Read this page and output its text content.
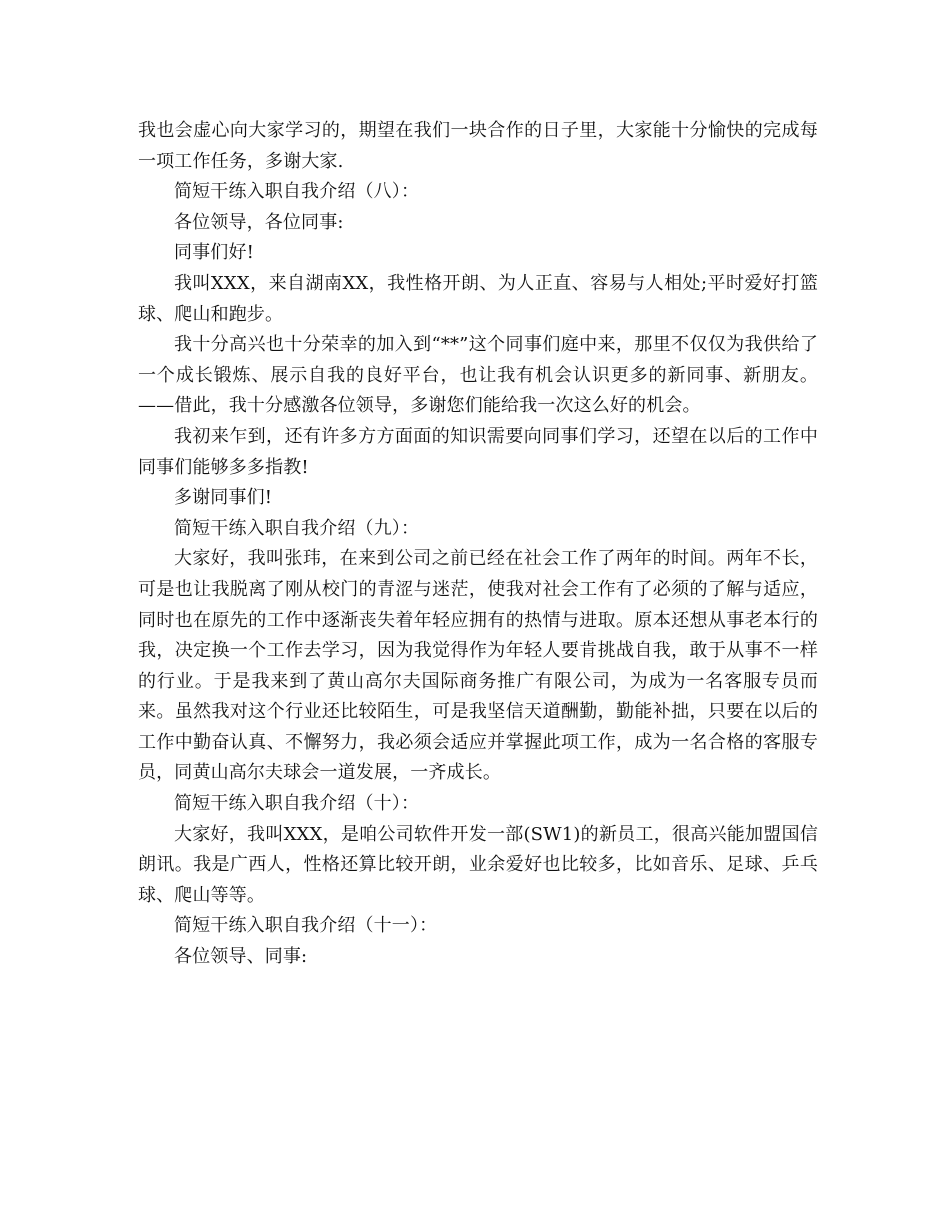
我也会虚心向大家学习的，期望在我们一块合作的日子里，大家能十分愉快的完成每一项工作任务，多谢大家.

简短干练入职自我介绍（八）：

各位领导，各位同事:

同事们好!

我叫XXX，来自湖南XX，我性格开朗、为人正直、容易与人相处;平时爱好打篮球、爬山和跑步。

我十分高兴也十分荣幸的加入到“**”这个同事们庭中来，那里不仅仅为我供给了一个成长锻炼、展示自我的良好平台，也让我有机会认识更多的新同事、新朋友。——借此，我十分感激各位领导，多谢您们能给我一次这么好的机会。

我初来乍到，还有许多方方面面的知识需要向同事们学习，还望在以后的工作中同事们能够多多指教!

多谢同事们!

简短干练入职自我介绍（九）：

大家好，我叫张玮，在来到公司之前已经在社会工作了两年的时间。两年不长，可是也让我脱离了刚从校门的青涩与迷茫，使我对社会工作有了必须的了解与适应，同时也在原先的工作中逐渐丧失着年轻应拥有的热情与进取。原本还想从事老本行的我，决定换一个工作去学习，因为我觉得作为年轻人要肯挑战自我，敢于从事不一样的行业。于是我来到了黄山高尔夫国际商务推广有限公司，为成为一名客服专员而来。虽然我对这个行业还比较陌生，可是我坚信天道酬勤，勤能补拙，只要在以后的工作中勤奋认真、不懈努力，我必须会适应并掌握此项工作，成为一名合格的客服专员，同黄山高尔夫球会一道发展，一齐成长。

简短干练入职自我介绍（十）：

大家好，我叫XXX，是咱公司软件开发一部(SW1)的新员工，很高兴能加盟国信朗讯。我是广西人，性格还算比较开朗，业余爱好也比较多，比如音乐、足球、乒乓球、爬山等等。

简短干练入职自我介绍（十一）：

各位领导、同事:
